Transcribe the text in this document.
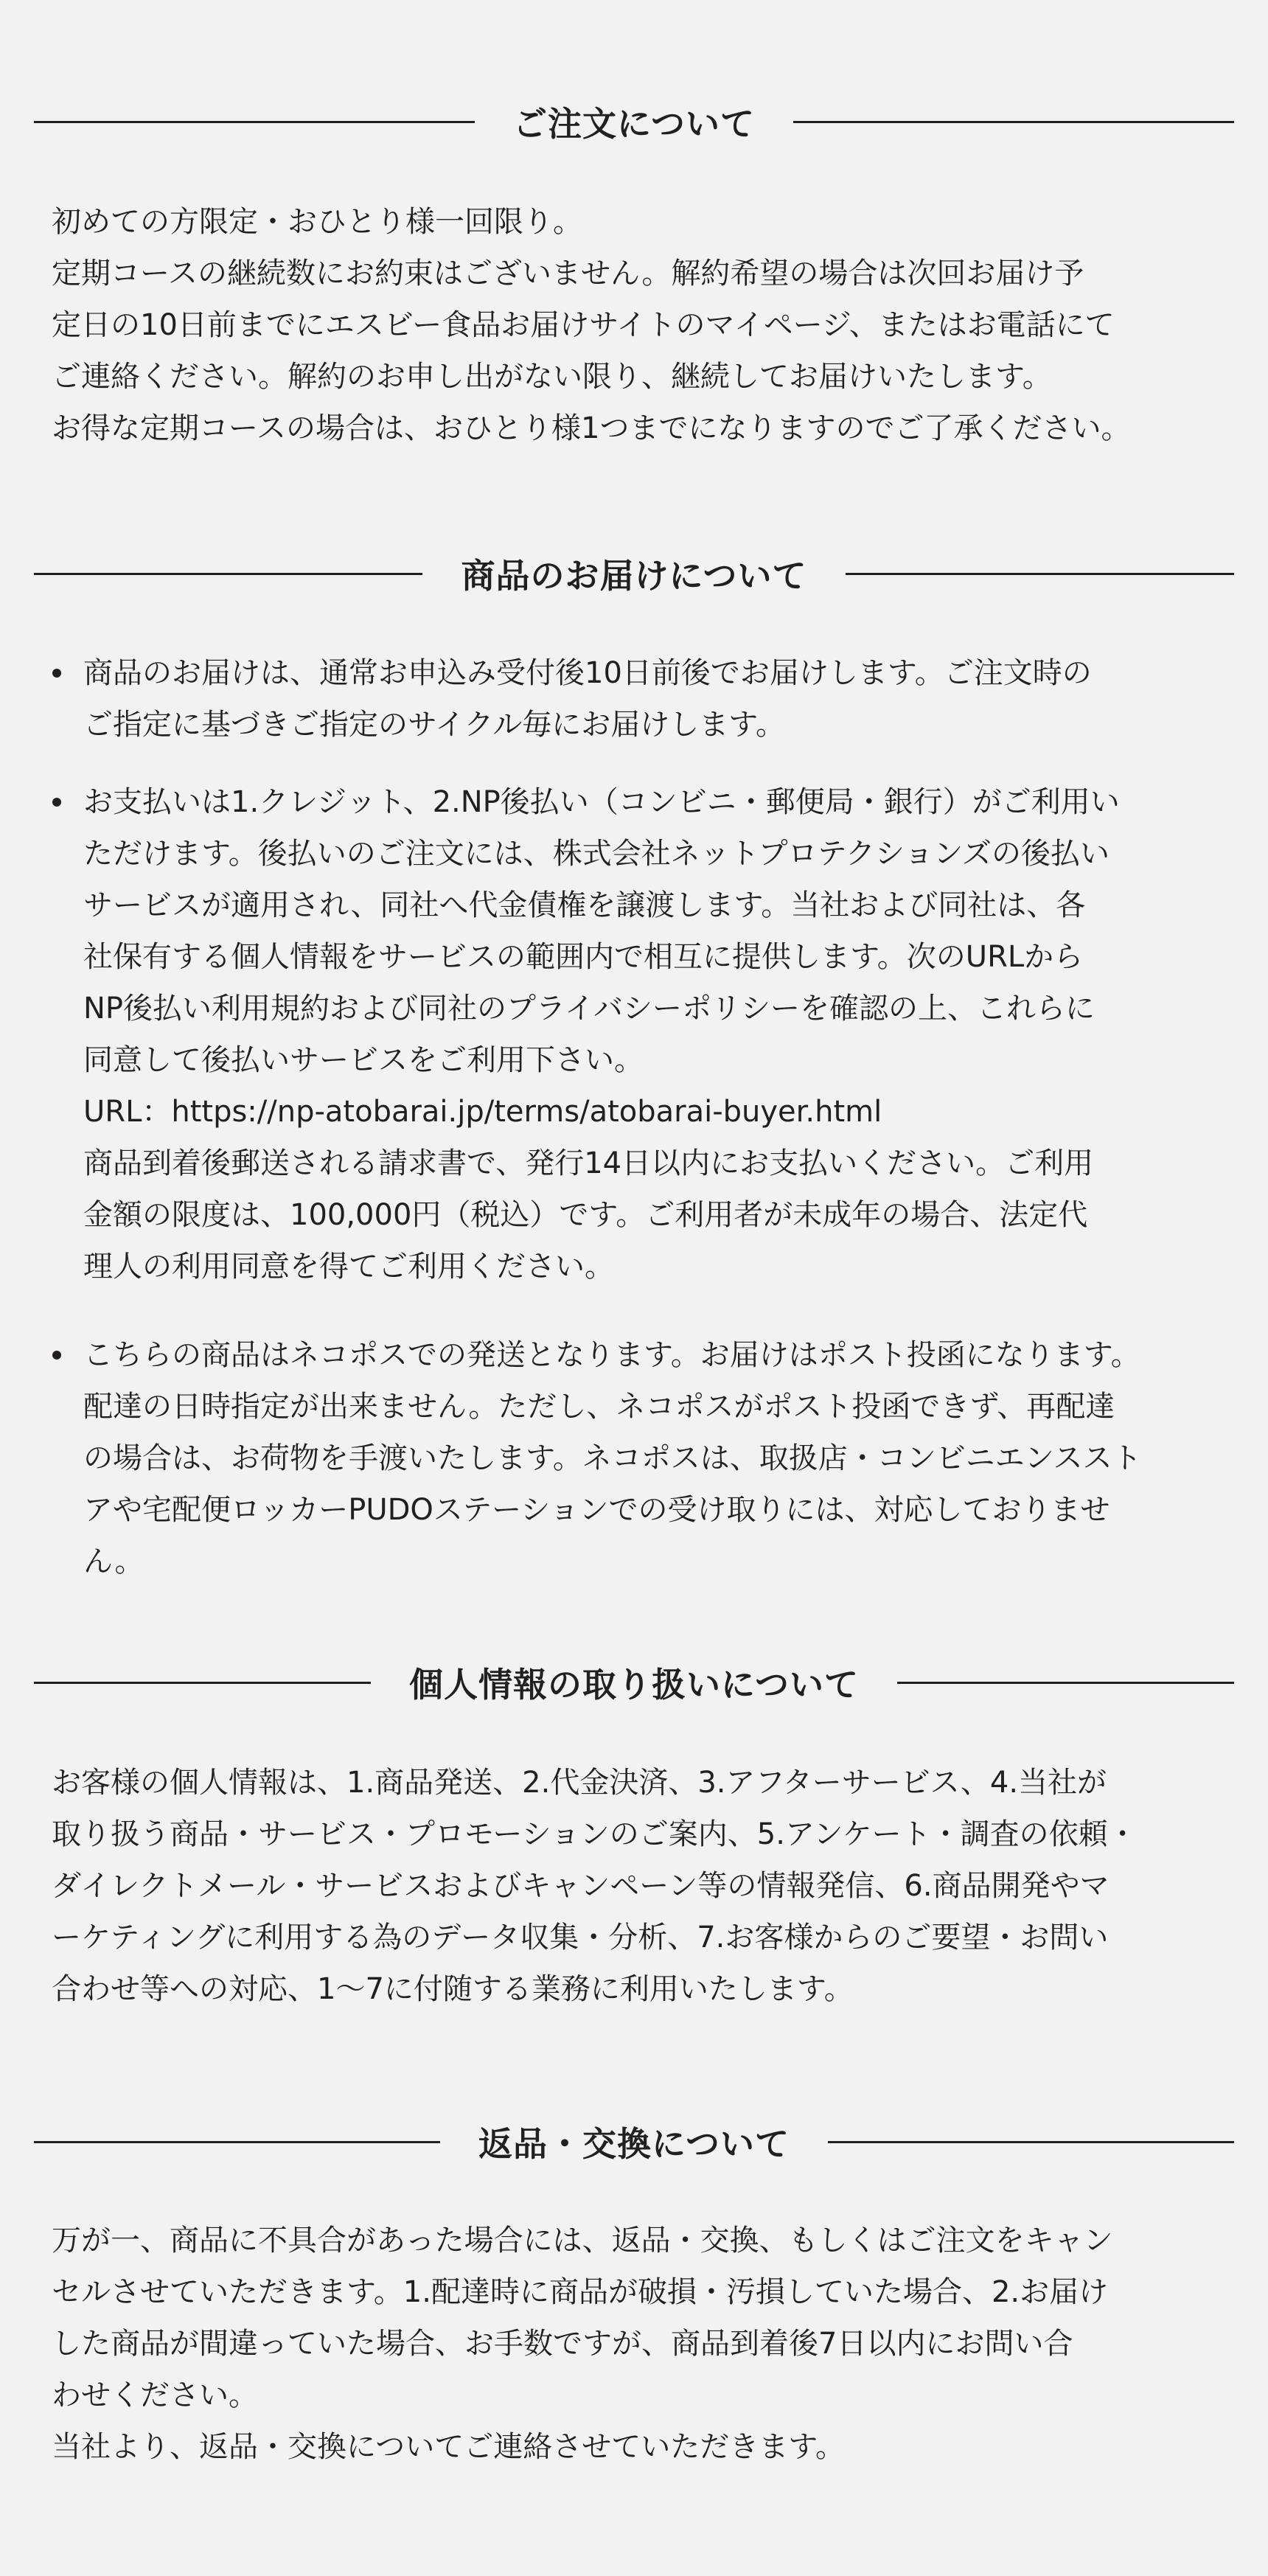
ご注文について

初めての方限定・おひとり様一回限り。

定期コースの継続数にお約束はございません。解約希望の場合は次回お届け予

定日の10日前までにエスビー食品お届けサイトのマイページ、またはお電話にて

ご連絡ください。解約のお申し出がない限り、継続してお届けいたします。

お得な定期コースの場合は、おひとり様1つまでになりますのでご了承ください。

商品のお届けについて

商品のお届けは、通常お申込み受付後10日前後でお届けします。ご注文時の

ご指定に基づきご指定のサイクル毎にお届けします。

お支払いは1.クレジット、2.NP後払い（コンビニ・郵便局・銀行）がご利用い

ただけます。後払いのご注文には、株式会社ネットプロテクションズの後払い

サービスが適用され、同社へ代金債権を譲渡します。当社および同社は、各

社保有する個人情報をサービスの範囲内で相互に提供します。次のURLから

NP後払い利用規約および同社のプライバシーポリシーを確認の上、これらに

同意して後払いサービスをご利用下さい。

URL：https://np-atobarai.jp/terms/atobarai-buyer.html

商品到着後郵送される請求書で、発行14日以内にお支払いください。ご利用

金額の限度は、100,000円（税込）です。ご利用者が未成年の場合、法定代

理人の利用同意を得てご利用ください。

こちらの商品はネコポスでの発送となります。お届けはポスト投函になります。

配達の日時指定が出来ません。ただし、ネコポスがポスト投函できず、再配達

の場合は、お荷物を手渡いたします。ネコポスは、取扱店・コンビニエンススト

アや宅配便ロッカーPUDOステーションでの受け取りには、対応しておりませ

ん。

個人情報の取り扱いについて

お客様の個人情報は、1.商品発送、2.代金決済、3.アフターサービス、4.当社が

取り扱う商品・サービス・プロモーションのご案内、5.アンケート・調査の依頼・

ダイレクトメール・サービスおよびキャンペーン等の情報発信、6.商品開発やマ

ーケティングに利用する為のデータ収集・分析、7.お客様からのご要望・お問い

合わせ等への対応、1〜7に付随する業務に利用いたします。

返品・交換について

万が一、商品に不具合があった場合には、返品・交換、もしくはご注文をキャン

セルさせていただきます。1.配達時に商品が破損・汚損していた場合、2.お届け

した商品が間違っていた場合、お手数ですが、商品到着後7日以内にお問い合

わせください。

当社より、返品・交換についてご連絡させていただきます。
